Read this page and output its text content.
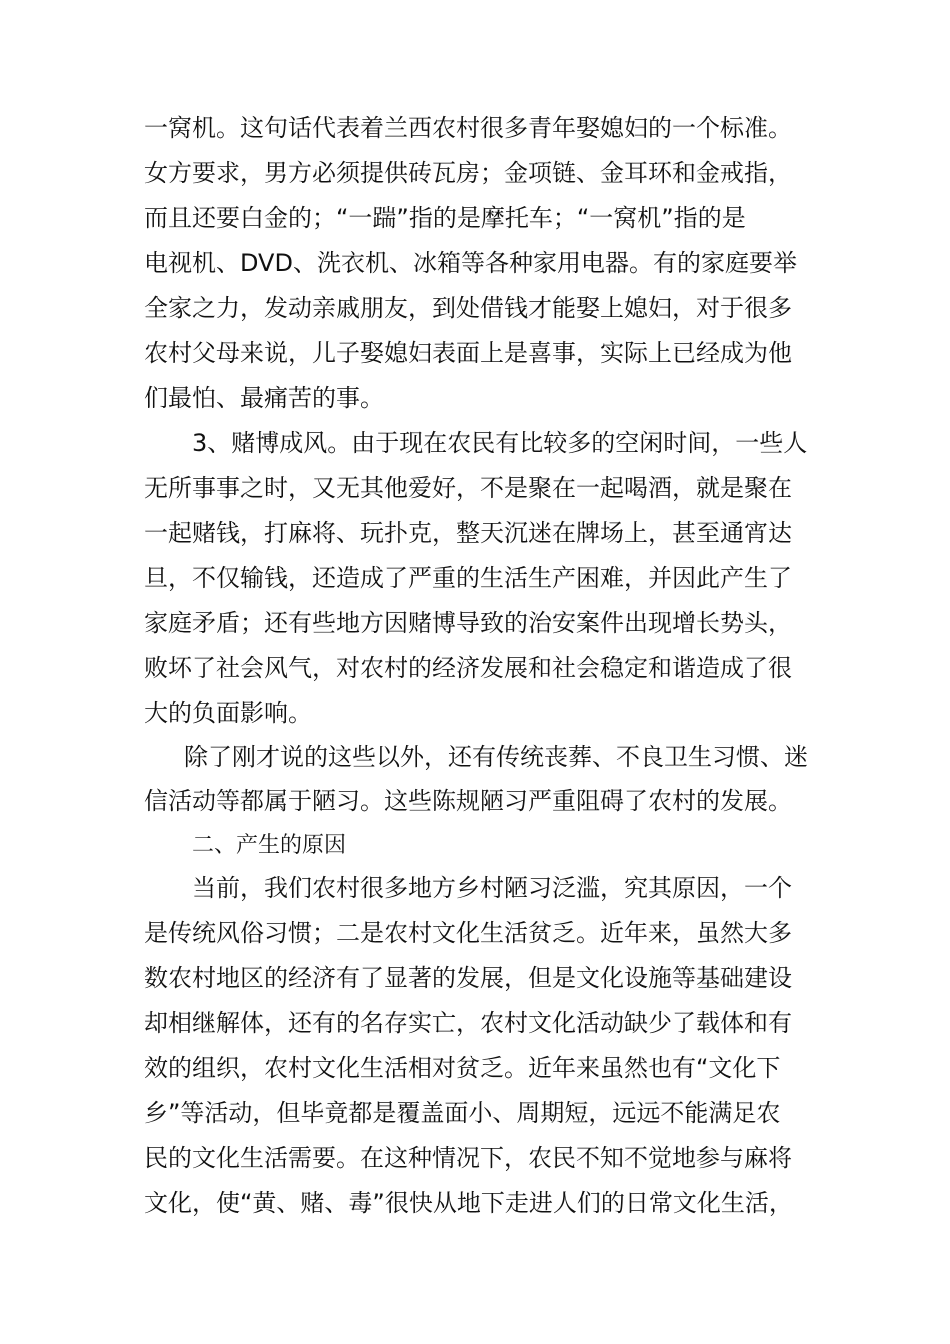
一窝机。这句话代表着兰西农村很多青年娶媳妇的一个标准。
女方要求，男方必须提供砖瓦房；金项链、金耳环和金戒指，
而且还要白金的；“一踹”指的是摩托车；“一窝机”指的是
电视机、DVD、洗衣机、冰箱等各种家用电器。有的家庭要举
全家之力，发动亲戚朋友，到处借钱才能娶上媳妇，对于很多
农村父母来说，儿子娶媳妇表面上是喜事，实际上已经成为他
们最怕、最痛苦的事。
3、赌博成风。由于现在农民有比较多的空闲时间，一些人
无所事事之时，又无其他爱好，不是聚在一起喝酒，就是聚在
一起赌钱，打麻将、玩扑克，整天沉迷在牌场上，甚至通宵达
旦，不仅输钱，还造成了严重的生活生产困难，并因此产生了
家庭矛盾；还有些地方因赌博导致的治安案件出现增长势头，
败坏了社会风气，对农村的经济发展和社会稳定和谐造成了很
大的负面影响。
除了刚才说的这些以外，还有传统丧葬、不良卫生习惯、迷
信活动等都属于陋习。这些陈规陋习严重阻碍了农村的发展。
二、产生的原因
当前，我们农村很多地方乡村陋习泛滥，究其原因，一个
是传统风俗习惯；二是农村文化生活贫乏。近年来，虽然大多
数农村地区的经济有了显著的发展，但是文化设施等基础建设
却相继解体，还有的名存实亡，农村文化活动缺少了载体和有
效的组织，农村文化生活相对贫乏。近年来虽然也有“文化下
乡”等活动，但毕竟都是覆盖面小、周期短，远远不能满足农
民的文化生活需要。在这种情况下，农民不知不觉地参与麻将
文化，使“黄、赌、毒”很快从地下走进人们的日常文化生活，
